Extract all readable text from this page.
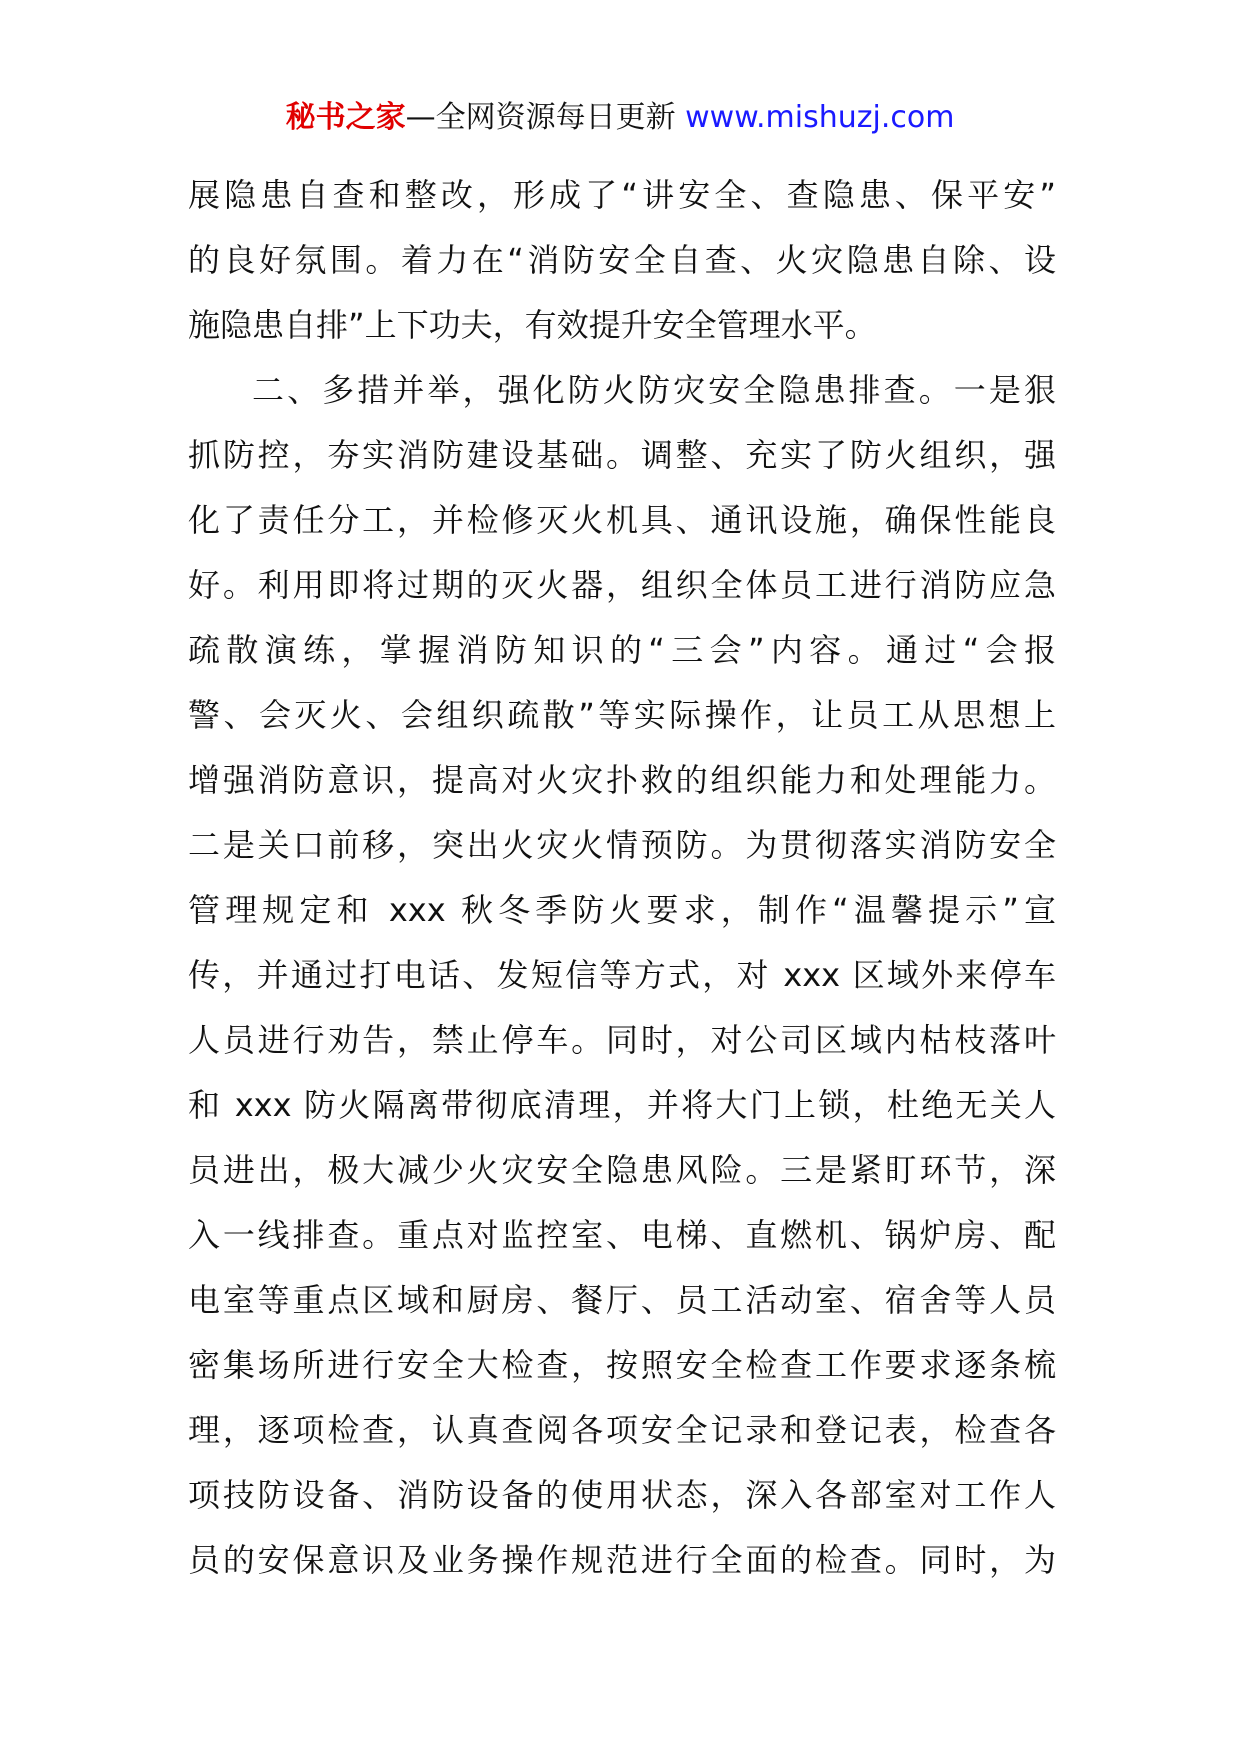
秘书之家—全网资源每日更新 www.mishuzj.com
展隐患自查和整改，形成了“讲安全、查隐患、保平安”
的良好氛围。着力在“消防安全自查、火灾隐患自除、设
施隐患自排”上下功夫，有效提升安全管理水平。
二、多措并举，强化防火防灾安全隐患排查。一是狠
抓防控，夯实消防建设基础。调整、充实了防火组织，强
化了责任分工，并检修灭火机具、通讯设施，确保性能良
好。利用即将过期的灭火器，组织全体员工进行消防应急
疏散演练，掌握消防知识的“三会”内容。通过“会报
警、会灭火、会组织疏散”等实际操作，让员工从思想上
增强消防意识，提高对火灾扑救的组织能力和处理能力。
二是关口前移，突出火灾火情预防。为贯彻落实消防安全
管理规定和 xxx 秋冬季防火要求，制作“温馨提示”宣
传，并通过打电话、发短信等方式，对 xxx 区域外来停车
人员进行劝告，禁止停车。同时，对公司区域内枯枝落叶
和 xxx 防火隔离带彻底清理，并将大门上锁，杜绝无关人
员进出，极大减少火灾安全隐患风险。三是紧盯环节，深
入一线排查。重点对监控室、电梯、直燃机、锅炉房、配
电室等重点区域和厨房、餐厅、员工活动室、宿舍等人员
密集场所进行安全大检查，按照安全检查工作要求逐条梳
理，逐项检查，认真查阅各项安全记录和登记表，检查各
项技防设备、消防设备的使用状态，深入各部室对工作人
员的安保意识及业务操作规范进行全面的检查。同时，为
